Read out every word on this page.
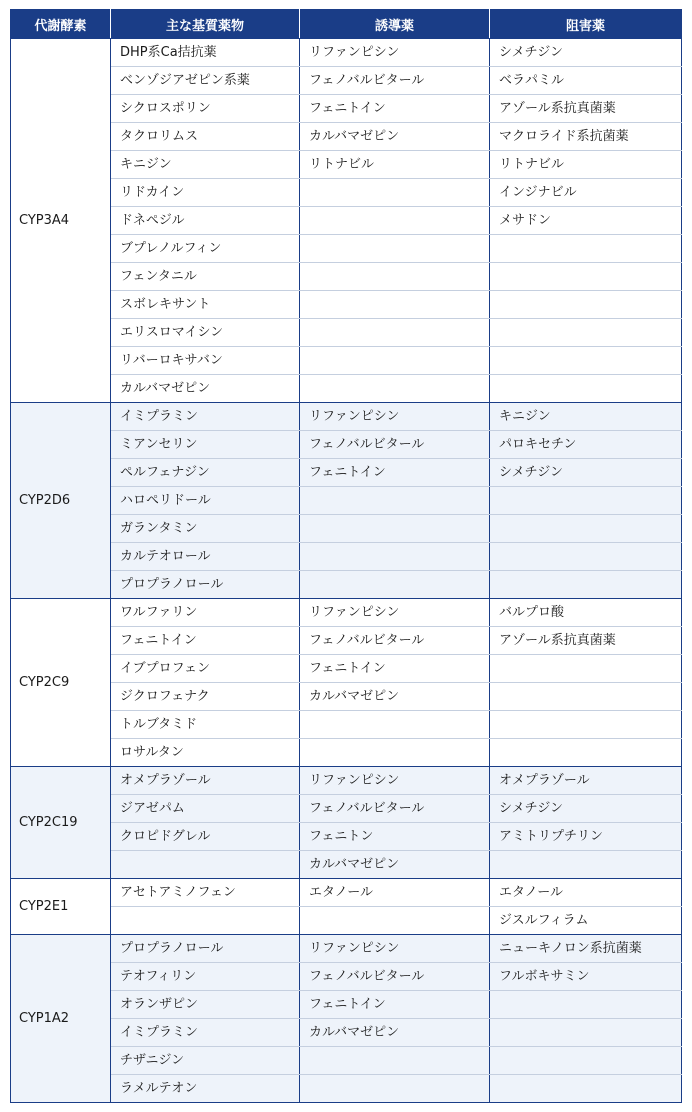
代謝酵素	主な基質薬物	誘導薬	阻害薬
CYP3A4	DHP系Ca拮抗薬	リファンピシン	シメチジン
	ベンゾジアゼピン系薬	フェノバルビタール	ベラパミル
	シクロスポリン	フェニトイン	アゾール系抗真菌薬
	タクロリムス	カルバマゼピン	マクロライド系抗菌薬
	キニジン	リトナビル	リトナビル
	リドカイン		インジナビル
	ドネペジル		メサドン
	ブプレノルフィン		
	フェンタニル		
	スボレキサント		
	エリスロマイシン		
	リバーロキサバン		
	カルバマゼピン		
CYP2D6	イミプラミン	リファンピシン	キニジン
	ミアンセリン	フェノバルビタール	パロキセチン
	ペルフェナジン	フェニトイン	シメチジン
	ハロペリドール		
	ガランタミン		
	カルテオロール		
	プロプラノロール		
CYP2C9	ワルファリン	リファンピシン	バルプロ酸
	フェニトイン	フェノバルビタール	アゾール系抗真菌薬
	イブプロフェン	フェニトイン	
	ジクロフェナク	カルバマゼピン	
	トルブタミド		
	ロサルタン		
CYP2C19	オメプラゾール	リファンピシン	オメプラゾール
	ジアゼパム	フェノバルビタール	シメチジン
	クロピドグレル	フェニトン	アミトリプチリン
		カルバマゼピン	
CYP2E1	アセトアミノフェン	エタノール	エタノール
			ジスルフィラム
CYP1A2	プロプラノロール	リファンピシン	ニューキノロン系抗菌薬
	テオフィリン	フェノバルビタール	フルボキサミン
	オランザピン	フェニトイン	
	イミプラミン	カルバマゼピン	
	チザニジン		
	ラメルテオン		
